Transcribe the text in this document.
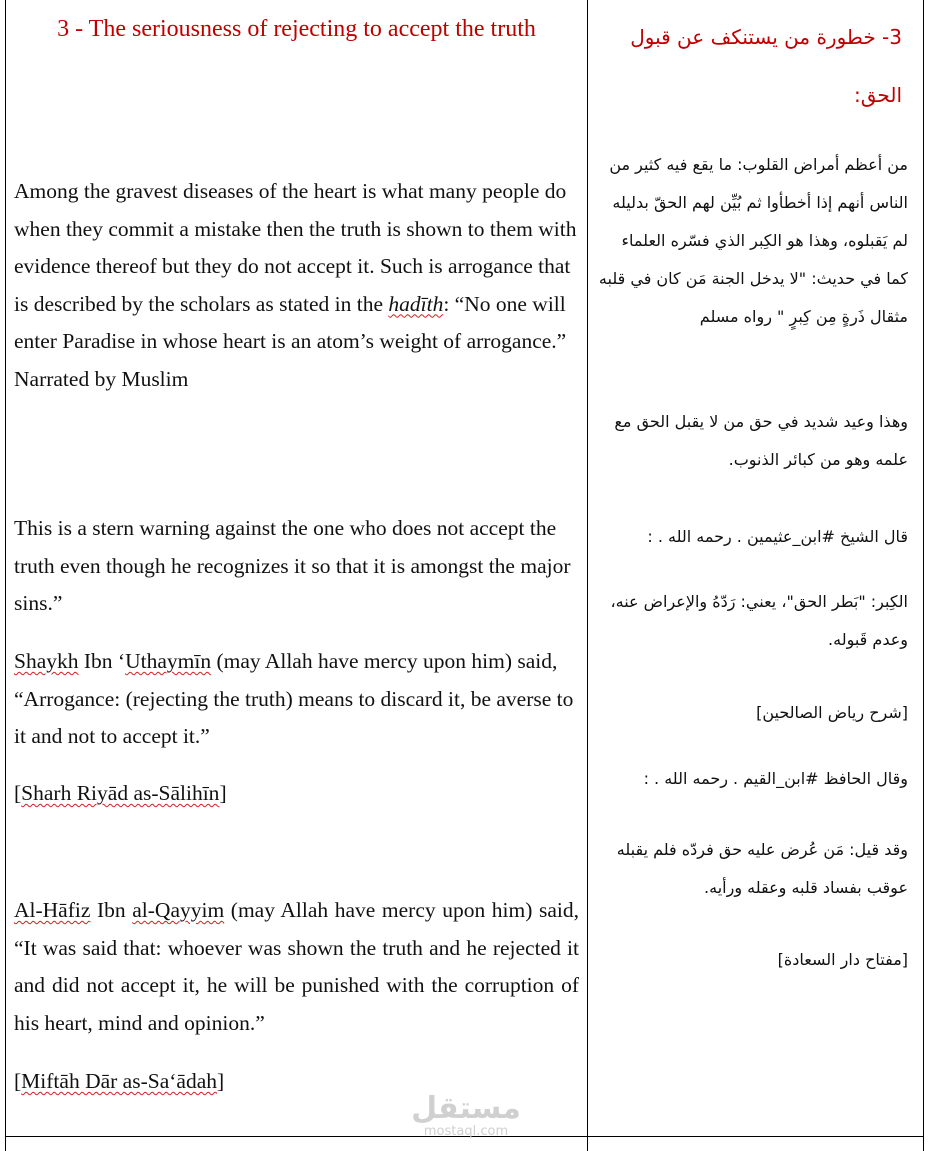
3 - The seriousness of rejecting to accept the truth

Among the gravest diseases of the heart is what many people do when they commit a mistake then the truth is shown to them with evidence thereof but they do not accept it. Such is arrogance that is described by the scholars as stated in the hadīth: “No one will enter Paradise in whose heart is an atom’s weight of arrogance.” Narrated by Muslim

This is a stern warning against the one who does not accept the truth even though he recognizes it so that it is amongst the major sins.”

Shaykh Ibn ‘Uthaymīn (may Allah have mercy upon him) said, “Arrogance: (rejecting the truth) means to discard it, be averse to it and not to accept it.”

[Sharh Riyād as-Sālihīn]

Al-Hāfiz Ibn al-Qayyim (may Allah have mercy upon him) said, “It was said that: whoever was shown the truth and he rejected it and did not accept it, he will be punished with the corruption of his heart, mind and opinion.”

[Miftāh Dār as-Sa‘ādah]

3- خطورة من يستنكف عن قبول الحق:

من أعظم أمراض القلوب: ما يقع فيه كثير من الناس أنهم إذا أخطأوا ثم بُيِّن لهم الحقّ بدليله لم يَقبلوه، وهذا هو الكِبر الذي فسّره العلماء كما في حديث: "لا يدخل الجنة مَن كان في قلبه مثقال ذَرةٍ مِن كِبرٍ " رواه مسلم

وهذا وعيد شديد في حق من لا يقبل الحق مع علمه وهو من كبائر الذنوب.

قال الشيخ #ابن_عثيمين . رحمه الله . :

الكِبر: "بَطر الحق"، يعني: رَدّهُ والإعراض عنه، وعدم قَبوله.

[شرح رياض الصالحين]

وقال الحافظ #ابن_القيم . رحمه الله . :

وقد قيل: مَن عُرض عليه حق فردّه فلم يقبله عوقب بفساد قلبه وعقله ورأيه.

[مفتاح دار السعادة]

مستقل
mostaql.com
